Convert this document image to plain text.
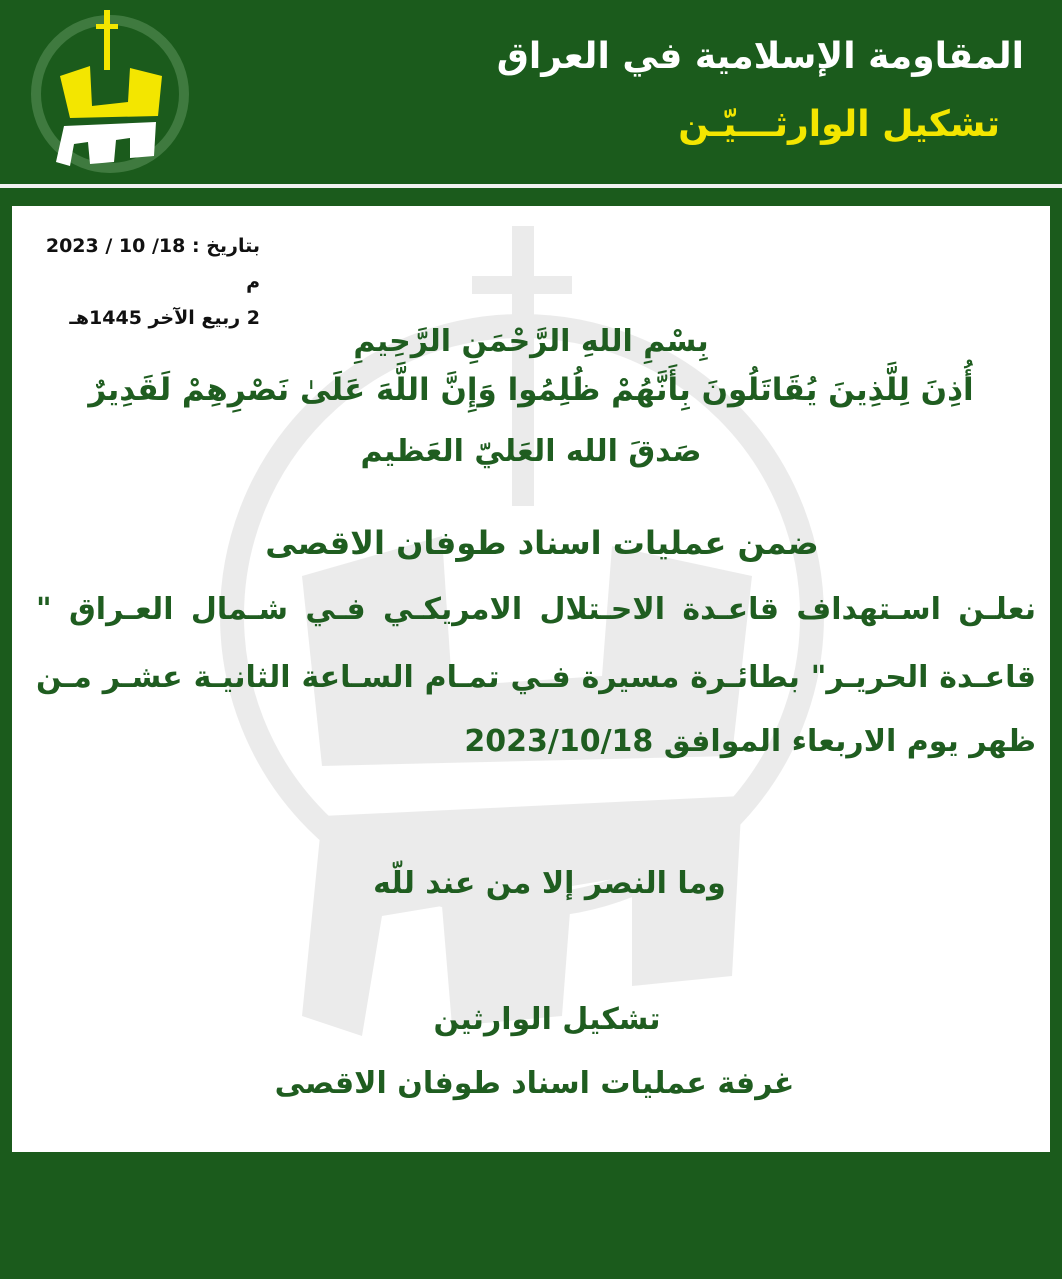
المقاومة الإسلامية في العراق
تشكيل الوارثـــيّـن
بتاريخ : 18/ 10 / 2023 م
2 ربيع الآخر 1445هـ
بِسْمِ اللهِ الرَّحْمَنِ الرَّحِيمِ
أُذِنَ لِلَّذِينَ يُقَاتَلُونَ بِأَنَّهُمْ ظُلِمُوا وَإِنَّ اللَّهَ عَلَىٰ نَصْرِهِمْ لَقَدِيرٌ
صَدقَ الله العَليّ العَظيم
ضمن عمليات اسناد طوفان الاقصى
نعلـن اسـتهداف قاعـدة الاحـتلال الامريكـي فـي شـمال العـراق "
قاعـدة الحريـر" بطائـرة مسيرة فـي تمـام السـاعة الثانيـة عشـر مـن
ظهر يوم الاربعاء الموافق 2023/10/18
وما النصر إلا من عند للّه
تشكيل الوارثين
غرفة عمليات اسناد طوفان الاقصى
